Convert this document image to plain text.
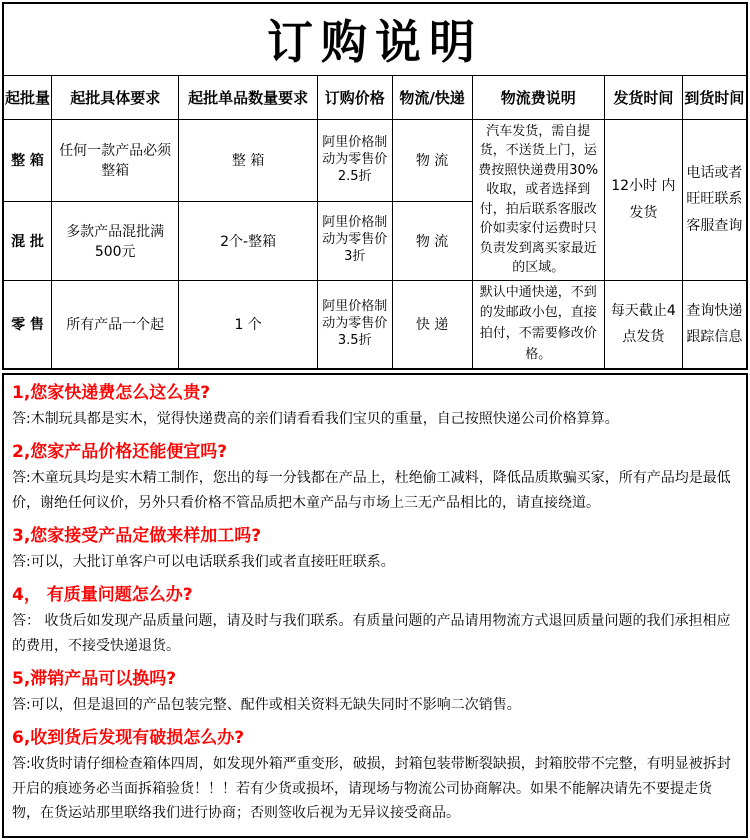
订购说明							
起批量	起批具体要求	起批单品数量要求	订购价格	物流/快递	物流费说明	发货时间	到货时间
整 箱	任何一款产品必须整箱	整 箱	阿里价格制动为零售价2.5折	物 流	汽车发货，需自提货，不送货上门，运费按照快递费用30%收取，或者选择到付，拍后联系客服改价如卖家付运费时只负责发到离买家最近的区域。	12小时 内发货	电话或者旺旺联系客服查询
混 批	多款产品混批满500元	2个-整箱	阿里价格制动为零售价3折	物 流			
零 售	所有产品一个起	1 个	阿里价格制动为零售价3.5折	快 递	默认中通快递，不到的发邮政小包，直接拍付，不需要修改价格。	每天截止4点发货	查询快递跟踪信息
1,您家快递费怎么这么贵?

答:木制玩具都是实木，觉得快递费高的亲们请看看我们宝贝的重量，自己按照快递公司价格算算。

2,您家产品价格还能便宜吗?

答:木童玩具均是实木精工制作，您出的每一分钱都在产品上，杜绝偷工减料，降低品质欺骗买家，所有产品均是最低价，谢绝任何议价，另外只看价格不管品质把木童产品与市场上三无产品相比的，请直接绕道。

3,您家接受产品定做来样加工吗?

答:可以，大批订单客户可以电话联系我们或者直接旺旺联系。

4， 有质量问题怎么办?

答： 收货后如发现产品质量问题，请及时与我们联系。有质量问题的产品请用物流方式退回质量问题的我们承担相应的费用，不接受快递退货。

5,滞销产品可以换吗?

答:可以，但是退回的产品包装完整、配件或相关资料无缺失同时不影响二次销售。

6,收到货后发现有破损怎么办?

答:收货时请仔细检查箱体四周，如发现外箱严重变形，破损，封箱包装带断裂缺损，封箱胶带不完整，有明显被拆封开启的痕迹务必当面拆箱验货！！！若有少货或损坏，请现场与物流公司协商解决。如果不能解决请先不要提走货物，在货运站那里联络我们进行协商；否则签收后视为无异议接受商品。
